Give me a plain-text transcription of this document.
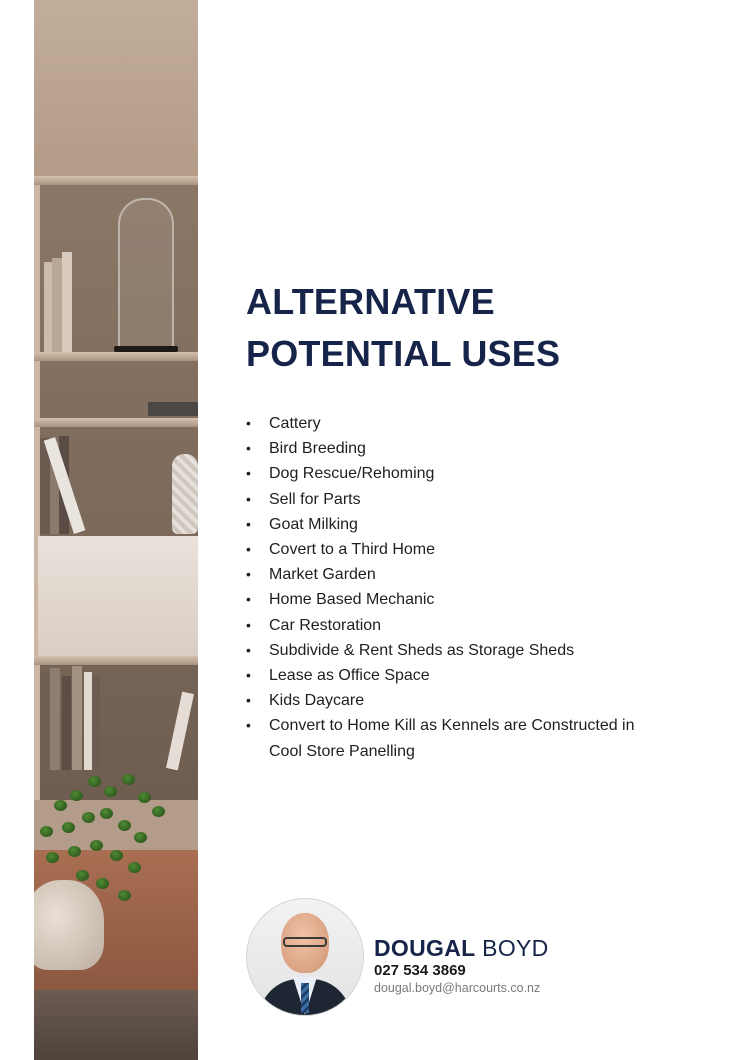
ALTERNATIVE
POTENTIAL USES
• Cattery
• Bird Breeding
• Dog Rescue/Rehoming
• Sell for Parts
• Goat Milking
• Covert to a Third Home
• Market Garden
• Home Based Mechanic
• Car Restoration
• Subdivide & Rent Sheds as Storage Sheds
• Lease as Office Space
• Kids Daycare
• Convert to Home Kill as Kennels are Constructed in Cool Store Panelling
DOUGAL BOYD
027 534 3869
dougal.boyd@harcourts.co.nz
